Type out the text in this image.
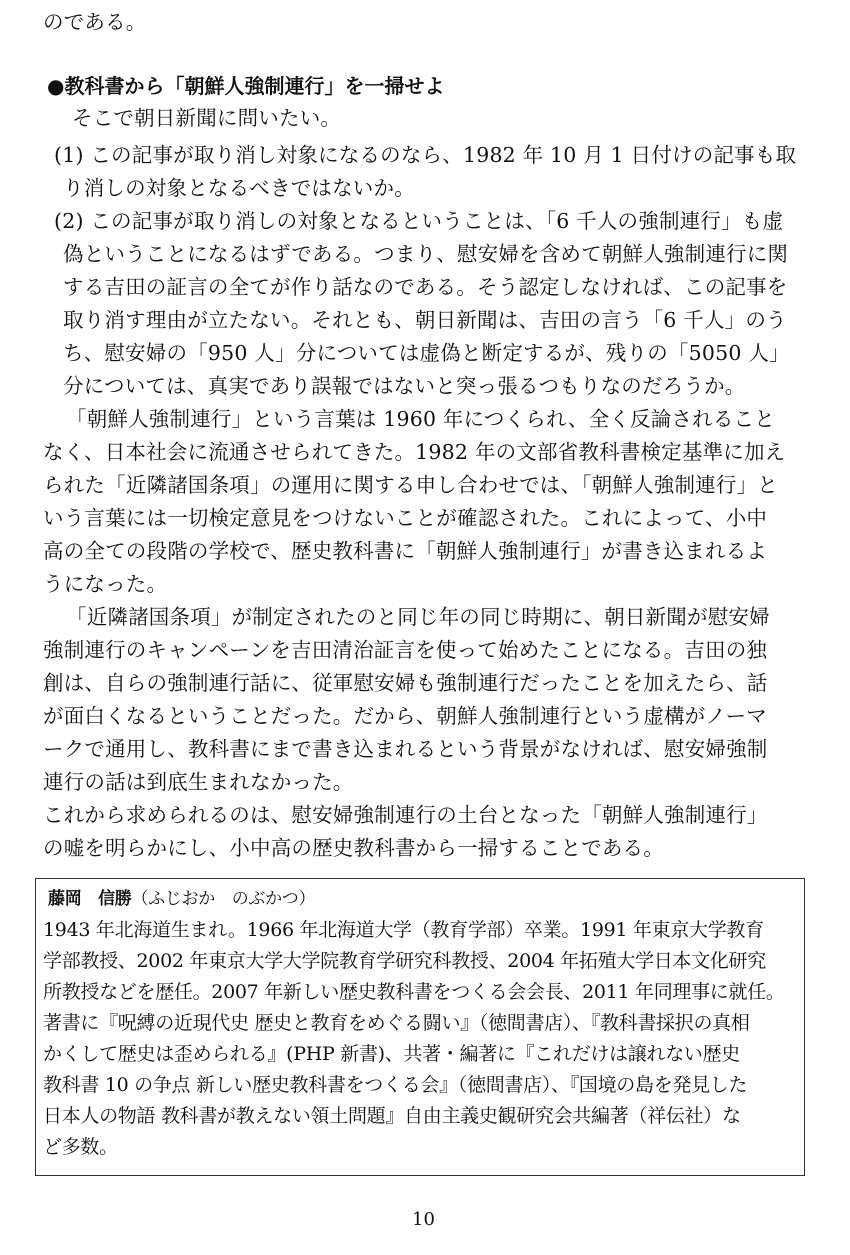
のである。
●教科書から「朝鮮人強制連行」を一掃せよ
そこで朝日新聞に問いたい。
(1) この記事が取り消し対象になるのなら、1982 年 10 月 1 日付けの記事も取
り消しの対象となるべきではないか。
(2) この記事が取り消しの対象となるということは、「6 千人の強制連行」も虚
偽ということになるはずである。つまり、慰安婦を含めて朝鮮人強制連行に関
する吉田の証言の全てが作り話なのである。そう認定しなければ、この記事を
取り消す理由が立たない。それとも、朝日新聞は、吉田の言う「6 千人」のう
ち、慰安婦の「950 人」分については虚偽と断定するが、残りの「5050 人」
分については、真実であり誤報ではないと突っ張るつもりなのだろうか。
「朝鮮人強制連行」という言葉は 1960 年につくられ、全く反論されること
なく、日本社会に流通させられてきた。1982 年の文部省教科書検定基準に加え
られた「近隣諸国条項」の運用に関する申し合わせでは、「朝鮮人強制連行」と
いう言葉には一切検定意見をつけないことが確認された。これによって、小中
高の全ての段階の学校で、歴史教科書に「朝鮮人強制連行」が書き込まれるよ
うになった。
「近隣諸国条項」が制定されたのと同じ年の同じ時期に、朝日新聞が慰安婦
強制連行のキャンペーンを吉田清治証言を使って始めたことになる。吉田の独
創は、自らの強制連行話に、従軍慰安婦も強制連行だったことを加えたら、話
が面白くなるということだった。だから、朝鮮人強制連行という虚構がノーマ
ークで通用し、教科書にまで書き込まれるという背景がなければ、慰安婦強制
連行の話は到底生まれなかった。
これから求められるのは、慰安婦強制連行の土台となった「朝鮮人強制連行」
の嘘を明らかにし、小中高の歴史教科書から一掃することである。
藤岡　信勝（ふじおか　のぶかつ）
1943 年北海道生まれ。1966 年北海道大学（教育学部）卒業。1991 年東京大学教育
学部教授、2002 年東京大学大学院教育学研究科教授、2004 年拓殖大学日本文化研究
所教授などを歴任。2007 年新しい歴史教科書をつくる会会長、2011 年同理事に就任。
著書に『呪縛の近現代史 歴史と教育をめぐる闘い』（徳間書店）、『教科書採択の真相
かくして歴史は歪められる』(PHP 新書)、共著・編著に『これだけは譲れない歴史
教科書 10 の争点 新しい歴史教科書をつくる会』（徳間書店）、『国境の島を発見した
日本人の物語 教科書が教えない領土問題』自由主義史観研究会共編著（祥伝社）な
ど多数。
10
